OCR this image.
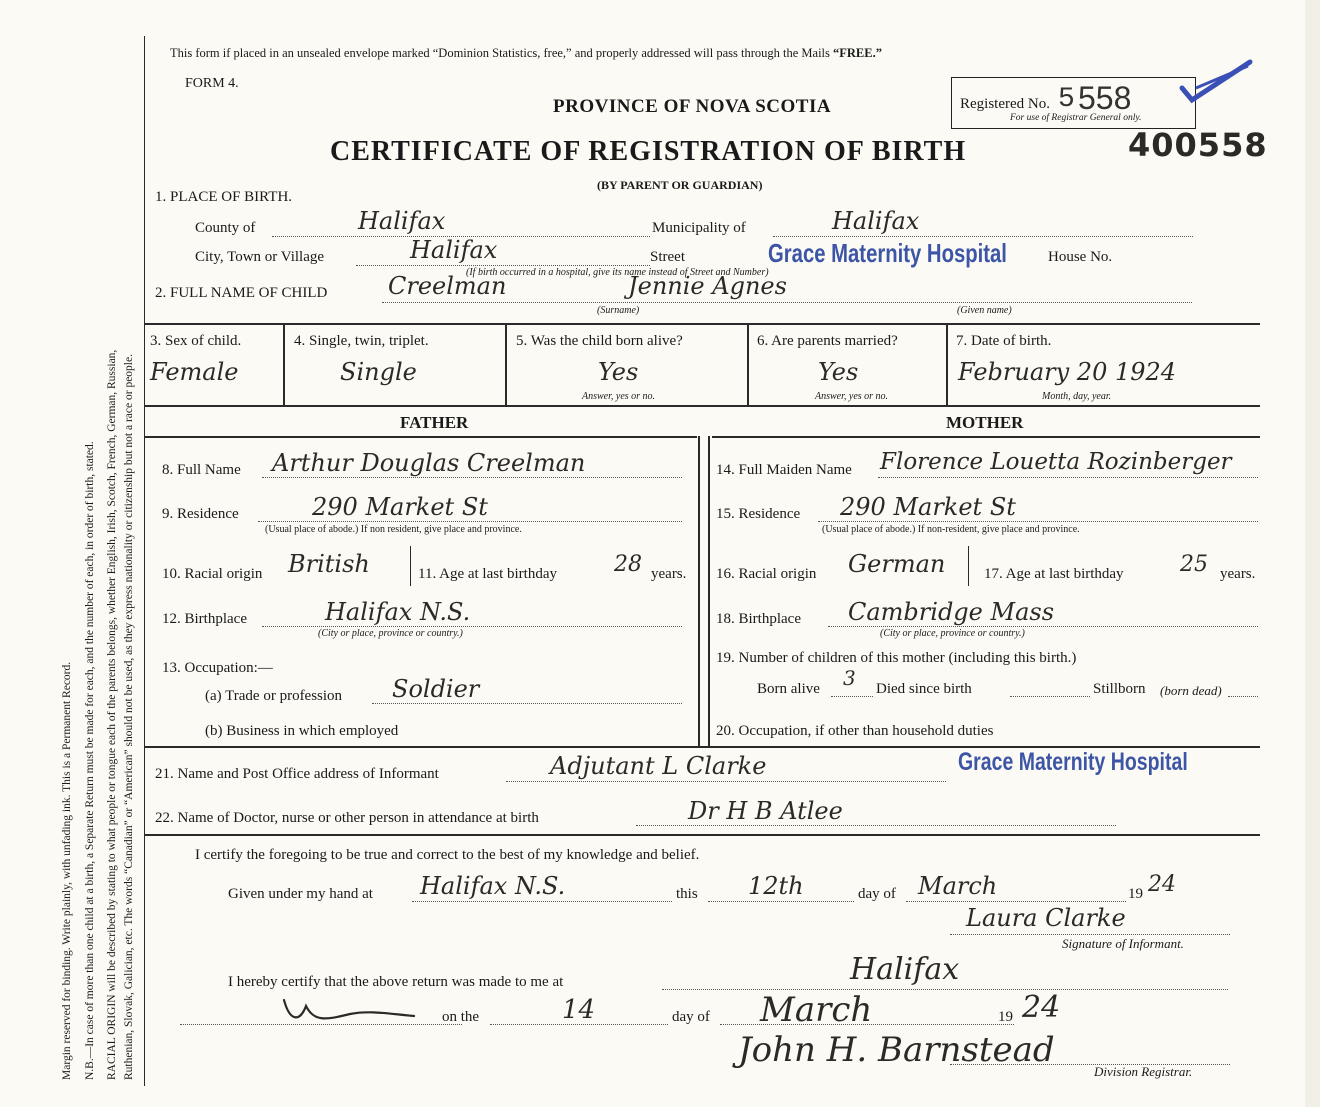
Margin reserved for binding. Write plainly, with unfading ink. This is a Permanent Record. N.B.—In case of more than one child at a birth, a Separate Return must be made for each, and the number of each, in order of birth, stated. RACIAL ORIGIN will be described by stating to what people or tongue each of the parents belongs, whether English, Irish, Scotch, French, German, Russian, Ruthenian, Slovak, Galician, etc. The words “Canadian” or “American” should not be used, as they express nationality or citizenship but not a race or people.
This form if placed in an unsealed envelope marked “Dominion Statistics, free,” and properly addressed will pass through the Mails “FREE.”
FORM 4.
PROVINCE OF NOVA SCOTIA
CERTIFICATE OF REGISTRATION OF BIRTH
(BY PARENT OR GUARDIAN)
Registered No. 5 558
For use of Registrar General only.
400558
1. PLACE OF BIRTH.
County of	Halifax	Municipality of	Halifax
City, Town or Village	Halifax	Street	Grace Maternity Hospital	House No.
(If birth occurred in a hospital, give its name instead of Street and Number)
2. FULL NAME OF CHILD	Creelman	Jennie Agnes
(Surname)	(Given name)
3. Sex of child.
Female
4. Single, twin, triplet.
Single
5. Was the child born alive?
Yes
Answer, yes or no.
6. Are parents married?
Yes
Answer, yes or no.
7. Date of birth.
February 20 1924
Month, day, year.
FATHER	MOTHER
8. Full Name Arthur Douglas Creelman
9. Residence	290 Market St
(Usual place of abode.) If non resident, give place and province.
10. Racial origin British	11. Age at last birthday	28 years.
12. Birthplace	Halifax N.S.
(City or place, province or country.)
13. Occupation:—
(a) Trade or profession Soldier
(b) Business in which employed
14. Full Maiden Name Florence Louetta Rozinberger
15. Residence 290 Market St
(Usual place of abode.) If non-resident, give place and province.
16. Racial origin German	17. Age at last birthday	25 years.
18. Birthplace Cambridge Mass
(City or place, province or country.)
19. Number of children of this mother (including this birth.)
Born alive 3 Died since birth	Stillborn (born dead)
20. Occupation, if other than household duties
21. Name and Post Office address of Informant	Adjutant L Clarke	Grace Maternity Hospital
22. Name of Doctor, nurse or other person in attendance at birth	Dr H B Atlee
I certify the foregoing to be true and correct to the best of my knowledge and belief.
Given under my hand at Halifax N.S.	this 12th	day of March	19 24
Laura Clarke
Signature of Informant.
I hereby certify that the above return was made to me at	Halifax
on the	14	day of March	19 24
John H. Barnstead
Division Registrar.
